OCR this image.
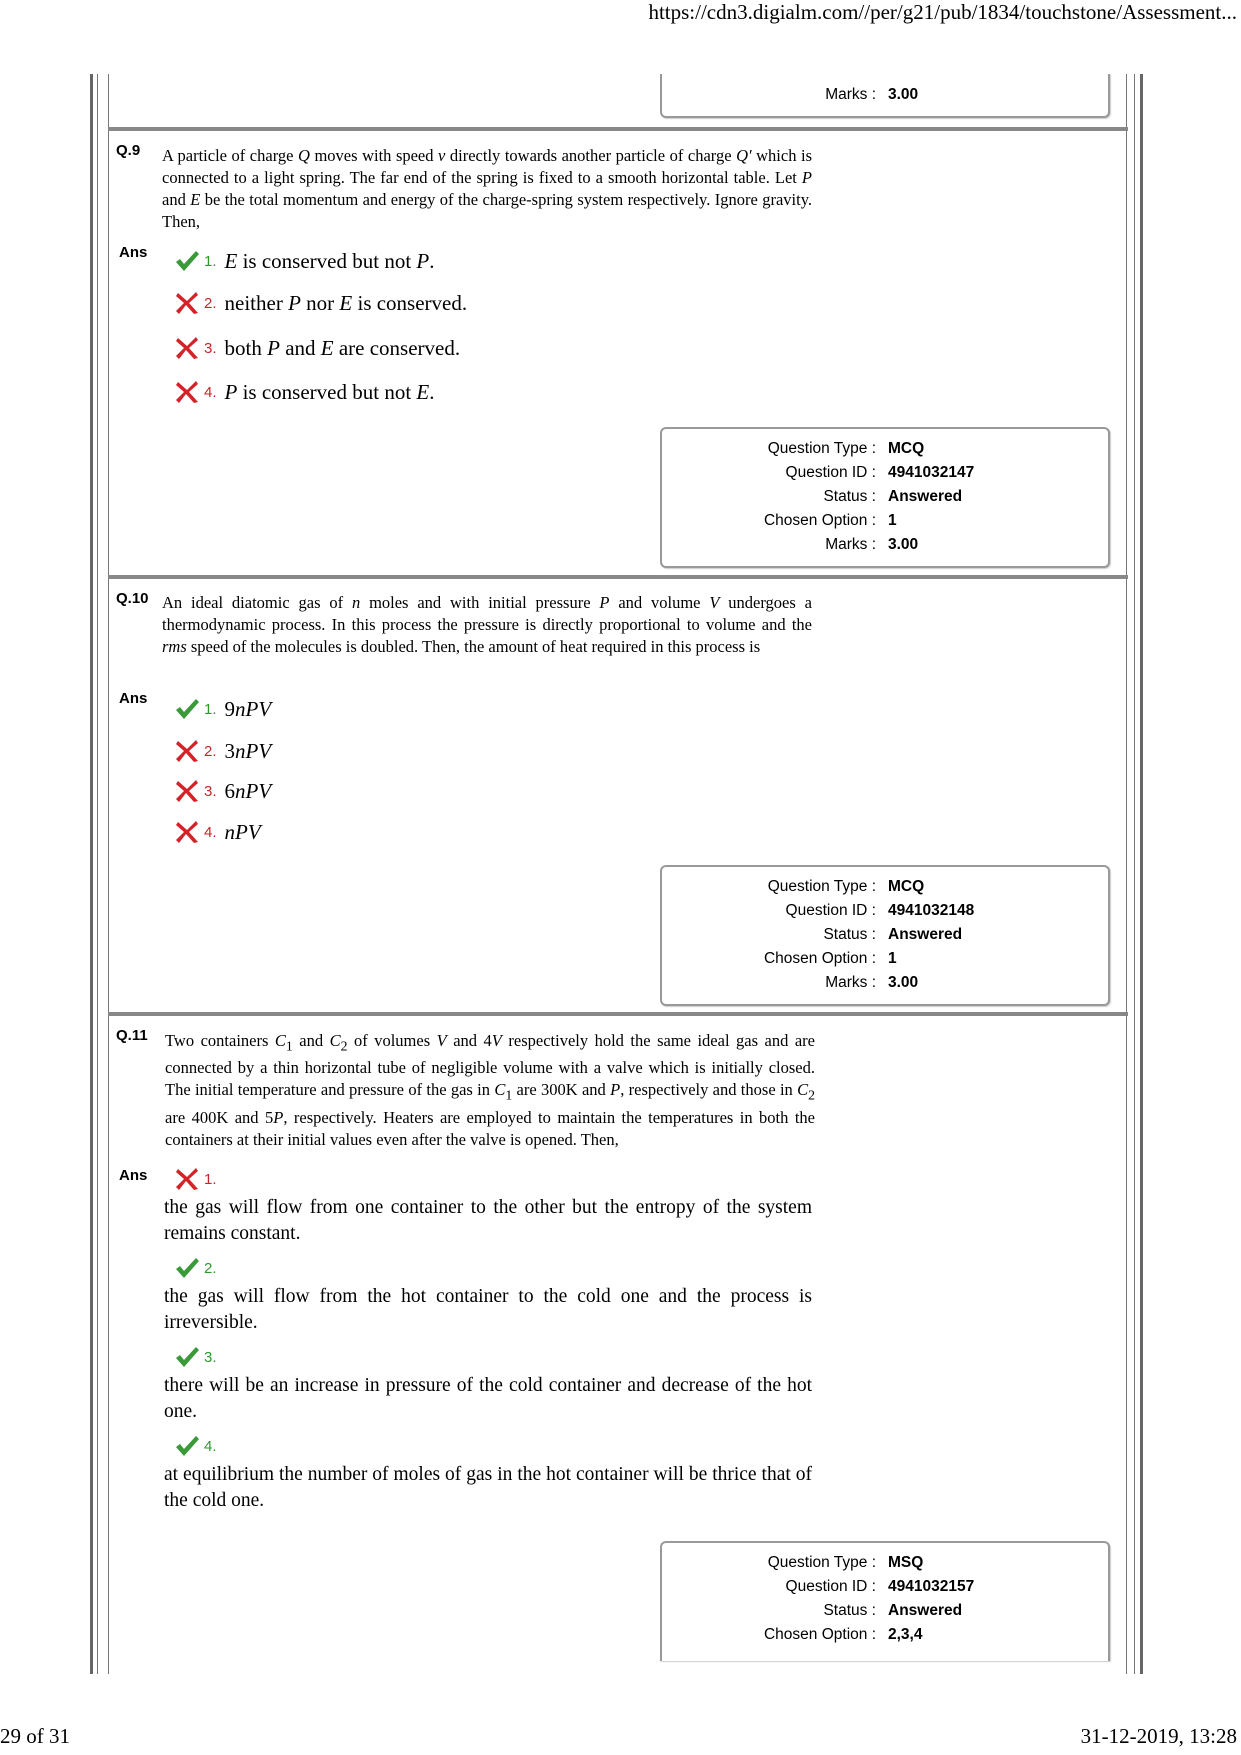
https://cdn3.digialm.com//per/g21/pub/1834/touchstone/Assessment...
Marks : 3.00
Q.9 A particle of charge Q moves with speed v directly towards another particle of charge Q′ which is connected to a light spring. The far end of the spring is fixed to a smooth horizontal table. Let P and E be the total momentum and energy of the charge-spring system respectively. Ignore gravity. Then,
Ans	1. E is conserved but not P.
2. neither P nor E is conserved.
3. both P and E are conserved.
4. P is conserved but not E.
Question Type : MCQ
Question ID : 4941032147
Status : Answered
Chosen Option : 1
Marks : 3.00
Q.10 An ideal diatomic gas of n moles and with initial pressure P and volume V undergoes a thermodynamic process. In this process the pressure is directly proportional to volume and the rms speed of the molecules is doubled. Then, the amount of heat required in this process is
Ans
1. 9nPV
2. 3nPV
3. 6nPV
4. nPV
Question Type : MCQ
Question ID : 4941032148
Status : Answered
Chosen Option : 1
Marks : 3.00
Q.11 Two containers $C_1$ and $C_2$ of volumes V and 4V respectively hold the same ideal gas and are connected by a thin horizontal tube of negligible volume with a valve which is initially closed. The initial temperature and pressure of the gas in $C_1$ are 300K and P, respectively and those in $C_2$ are 400K and 5P, respectively. Heaters are employed to maintain the temperatures in both the containers at their initial values even after the valve is opened. Then,
Ans	1.
the gas will flow from one container to the other but the entropy of the system remains constant.
2.
the gas will flow from the hot container to the cold one and the process is irreversible.
3.
there will be an increase in pressure of the cold container and decrease of the hot one.
4.
at equilibrium the number of moles of gas in the hot container will be thrice that of the cold one.
Question Type : MSQ
Question ID : 4941032157
Status : Answered
Chosen Option : 2,3,4
29 of 31	31-12-2019, 13:28
